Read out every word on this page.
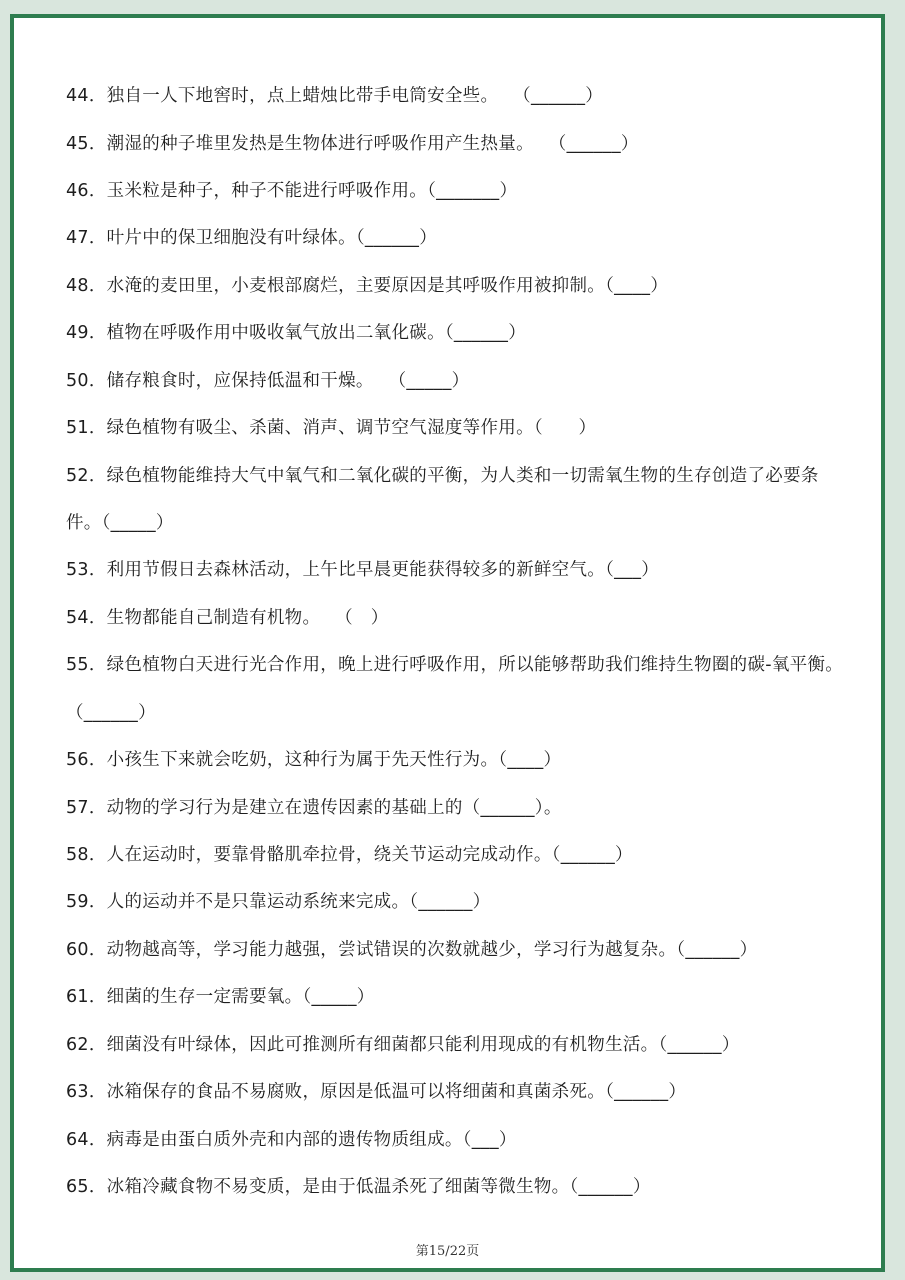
44．独自一人下地窖时，点上蜡烛比带手电筒安全些。　 （______）
45．潮湿的种子堆里发热是生物体进行呼吸作用产生热量。　 （______）
46．玉米粒是种子，种子不能进行呼吸作用。（_______）
47．叶片中的保卫细胞没有叶绿体。（______）
48．水淹的麦田里，小麦根部腐烂，主要原因是其呼吸作用被抑制。（____）
49．植物在呼吸作用中吸收氧气放出二氧化碳。（______）
50．储存粮食时，应保持低温和干燥。　 （_____）
51．绿色植物有吸尘、杀菌、消声、调节空气湿度等作用。（　　）
52．绿色植物能维持大气中氧气和二氧化碳的平衡，为人类和一切需氧生物的生存创造了必要条
件。（_____）
53．利用节假日去森林活动，上午比早晨更能获得较多的新鲜空气。（___）
54．生物都能自己制造有机物。　 （　）
55．绿色植物白天进行光合作用，晚上进行呼吸作用，所以能够帮助我们维持生物圈的碳-氧平衡。
（______）
56．小孩生下来就会吃奶，这种行为属于先天性行为。（____）
57．动物的学习行为是建立在遗传因素的基础上的（______）。
58．人在运动时，要靠骨骼肌牵拉骨，绕关节运动完成动作。（______）
59．人的运动并不是只靠运动系统来完成。（______）
60．动物越高等，学习能力越强，尝试错误的次数就越少，学习行为越复杂。（______）
61．细菌的生存一定需要氧。（_____）
62．细菌没有叶绿体，因此可推测所有细菌都只能利用现成的有机物生活。（______）
63．冰箱保存的食品不易腐败，原因是低温可以将细菌和真菌杀死。（______）
64．病毒是由蛋白质外壳和内部的遗传物质组成。（___）
65．冰箱冷藏食物不易变质，是由于低温杀死了细菌等微生物。（______）
第15/22页
